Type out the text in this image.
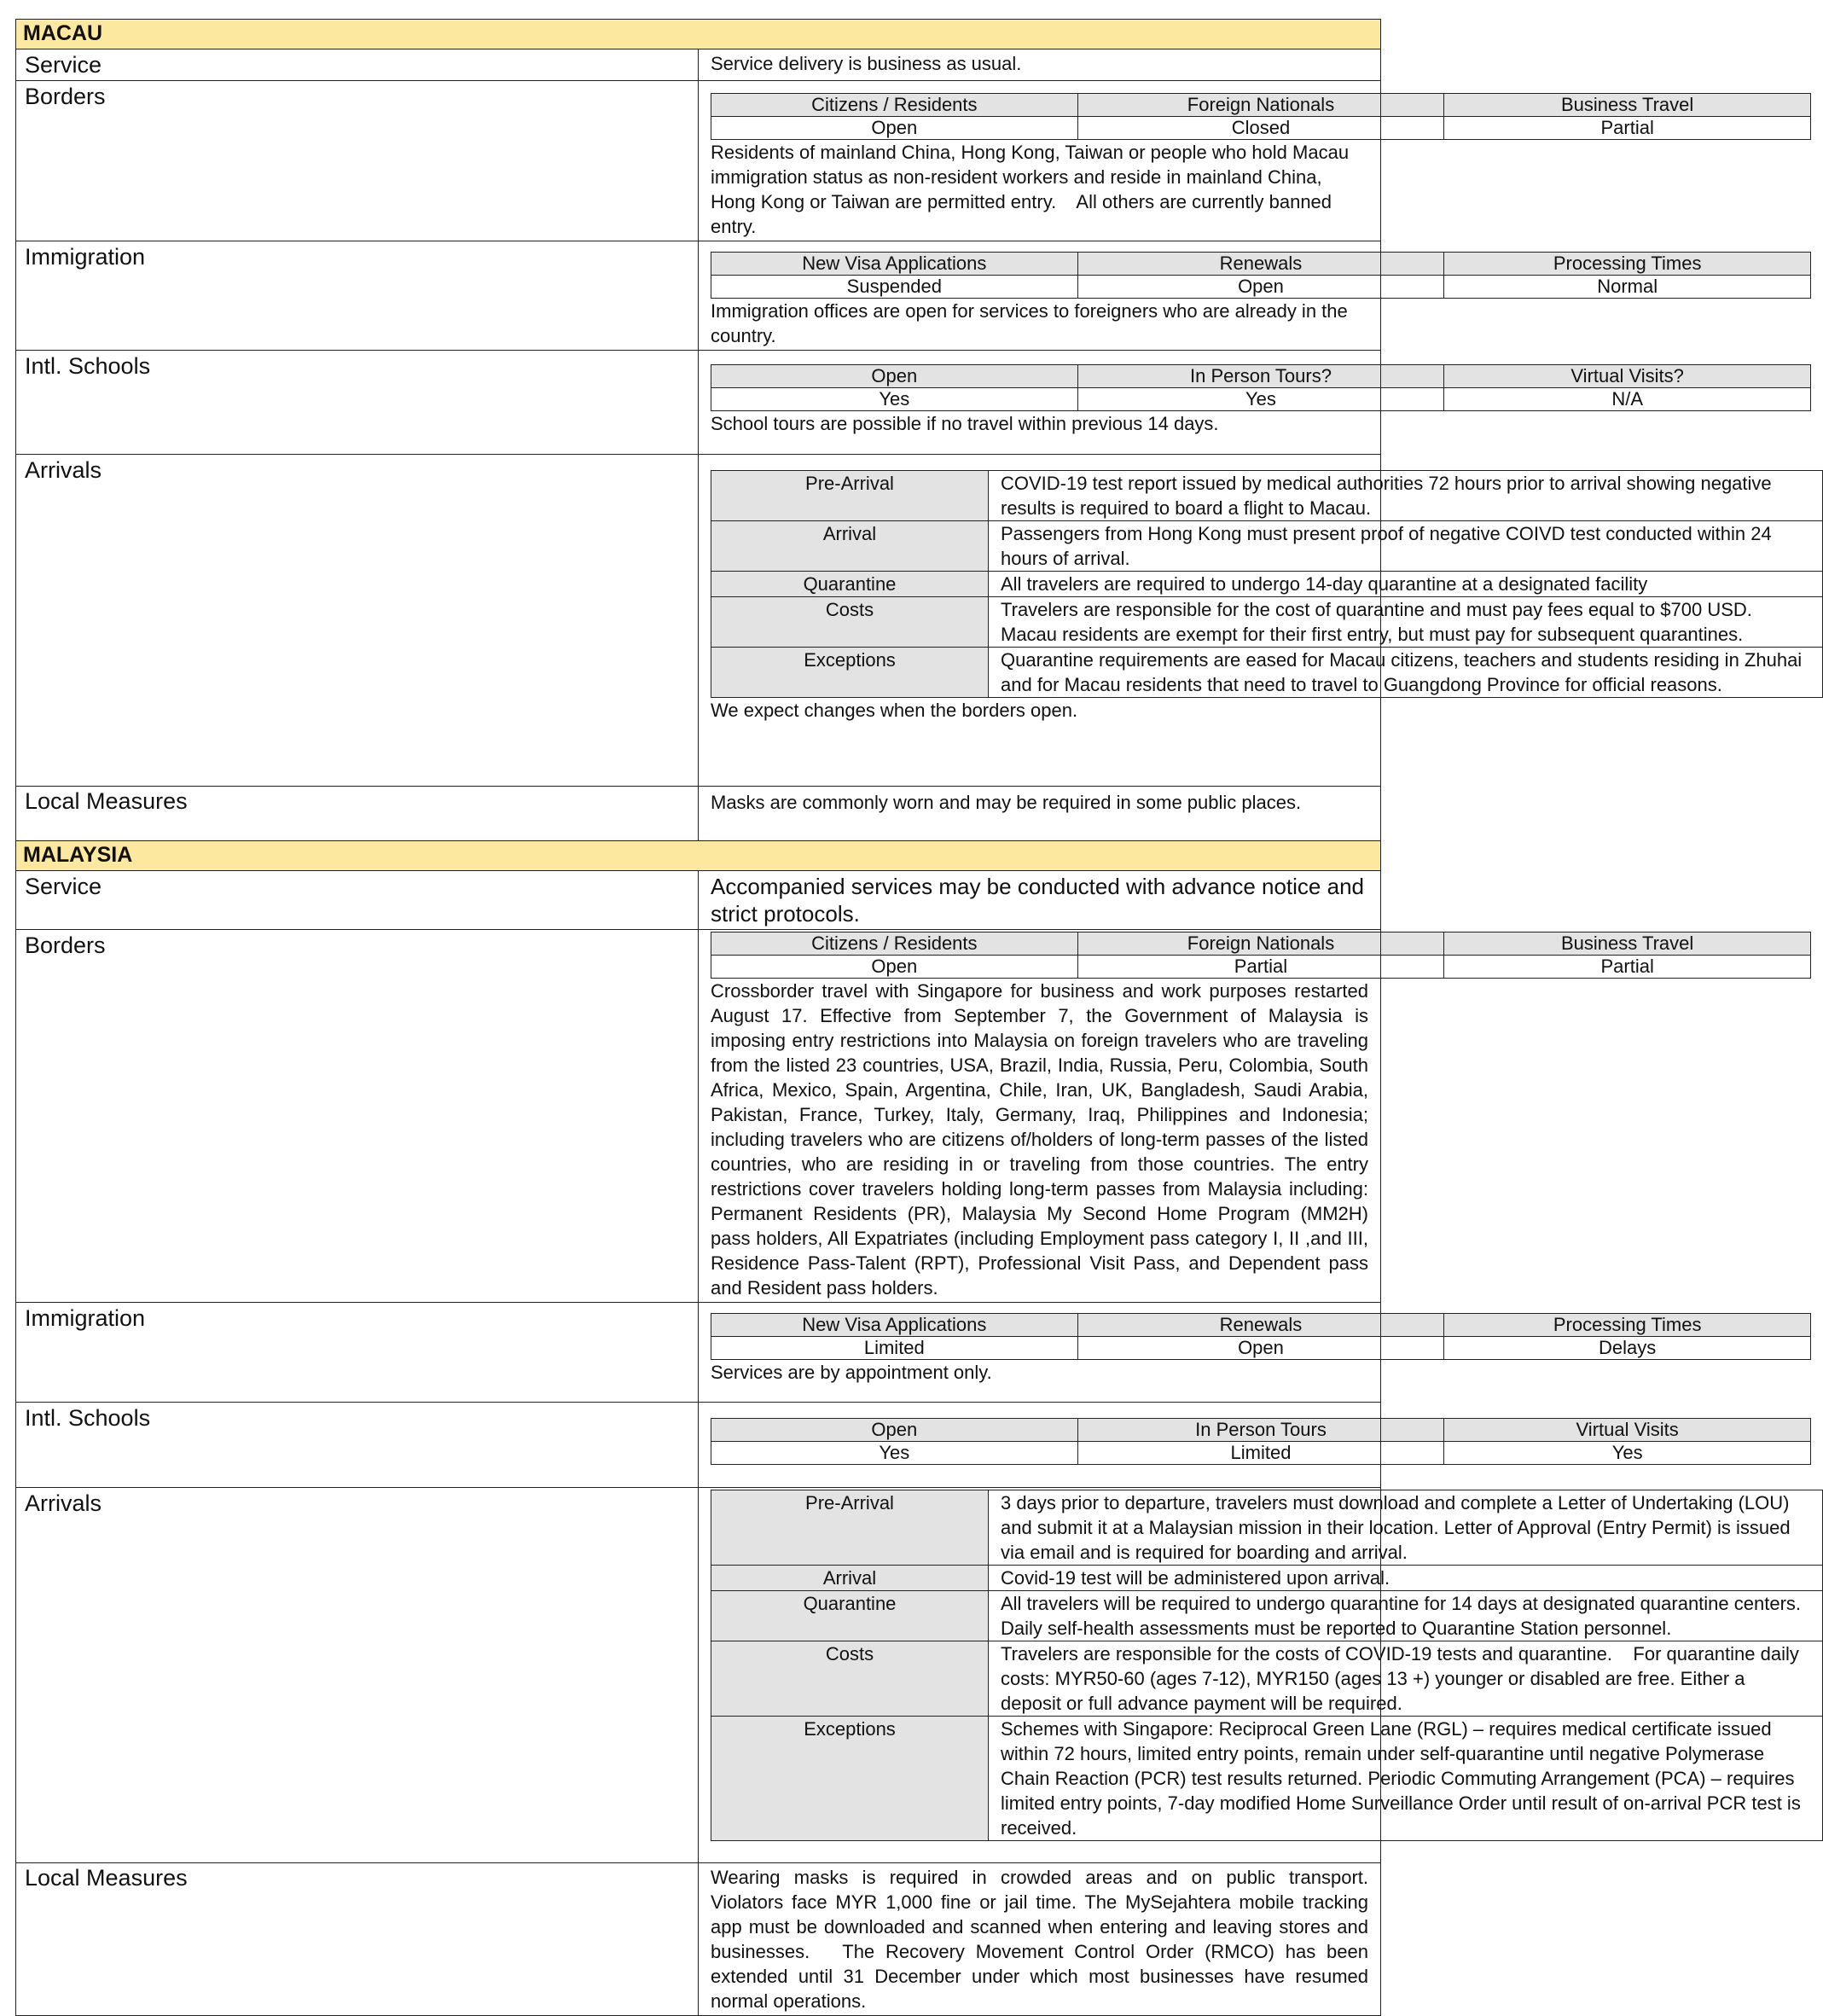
MACAU
Service	Service delivery is business as usual.
Borders		Citizens / Residents	Foreign Nationals	Business Travel
Open	Closed	Partial
Residents of mainland China, Hong Kong, Taiwan or people who hold Macau immigration status as non-resident workers and reside in mainland China, Hong Kong or Taiwan are permitted entry.    All others are currently banned entry.

Immigration		New Visa Applications	Renewals	Processing Times
Suspended	Open	Normal
Immigration offices are open for services to foreigners who are already in the country.

Intl. Schools		Open	In Person Tours?	Virtual Visits?
Yes	Yes	N/A
School tours are possible if no travel within previous 14 days.

Arrivals	
Pre-Arrival	COVID-19 test report issued by medical authorities 72 hours prior to arrival showing negative results is required to board a flight to Macau.
Arrival	Passengers from Hong Kong must present proof of negative COIVD test conducted within 24 hours of arrival.
Quarantine	All travelers are required to undergo 14-day quarantine at a designated facility
Costs	Travelers are responsible for the cost of quarantine and must pay fees equal to $700 USD.    Macau residents are exempt for their first entry, but must pay for subsequent quarantines.
Exceptions	Quarantine requirements are eased for Macau citizens, teachers and students residing in Zhuhai and for Macau residents that need to travel to Guangdong Province for official reasons.
We expect changes when the borders open.

Local Measures	Masks are commonly worn and may be required in some public places.
MALAYSIA
Service	Accompanied services may be conducted with advance notice and strict protocols.
Borders		Citizens / Residents	Foreign Nationals	Business Travel
Open	Partial	Partial
Crossborder travel with Singapore for business and work purposes restarted August 17. Effective from September 7, the Government of Malaysia is imposing entry restrictions into Malaysia on foreign travelers who are traveling from the listed 23 countries, USA, Brazil, India, Russia, Peru, Colombia, South Africa, Mexico, Spain, Argentina, Chile, Iran, UK, Bangladesh, Saudi Arabia, Pakistan, France, Turkey, Italy, Germany, Iraq, Philippines and Indonesia; including travelers who are citizens of/holders of long-term passes of the listed countries, who are residing in or traveling from those countries. The entry restrictions cover travelers holding long-term passes from Malaysia including: Permanent Residents (PR), Malaysia My Second Home Program (MM2H) pass holders, All Expatriates (including Employment pass category I, II ,and III, Residence Pass-Talent (RPT), Professional Visit Pass, and Dependent pass and Resident pass holders.

Immigration		New Visa Applications	Renewals	Processing Times
Limited	Open	Delays
Services are by appointment only.

Intl. Schools		Open	In Person Tours	Virtual Visits
Yes	Limited	Yes

Arrivals		Pre-Arrival	3 days prior to departure, travelers must download and complete a Letter of Undertaking (LOU) and submit it at a Malaysian mission in their location. Letter of Approval (Entry Permit) is issued via email and is required for boarding and arrival.
Arrival	Covid-19 test will be administered upon arrival.
Quarantine	All travelers will be required to undergo quarantine for 14 days at designated quarantine centers.    Daily self-health assessments must be reported to Quarantine Station personnel.
Costs	Travelers are responsible for the costs of COVID-19 tests and quarantine.    For quarantine daily costs: MYR50-60 (ages 7-12), MYR150 (ages 13 +) younger or disabled are free. Either a deposit or full advance payment will be required.
Exceptions	Schemes with Singapore: Reciprocal Green Lane (RGL) – requires medical certificate issued within 72 hours, limited entry points, remain under self-quarantine until negative Polymerase Chain Reaction (PCR) test results returned. Periodic Commuting Arrangement (PCA) – requires limited entry points, 7-day modified Home Surveillance Order until result of on-arrival PCR test is received.

Local Measures	Wearing masks is required in crowded areas and on public transport.   Violators face MYR 1,000 fine or jail time. The MySejahtera mobile tracking app must be downloaded and scanned when entering and leaving stores and businesses.   The Recovery Movement Control Order (RMCO) has been extended until 31 December under which most businesses have resumed normal operations.
